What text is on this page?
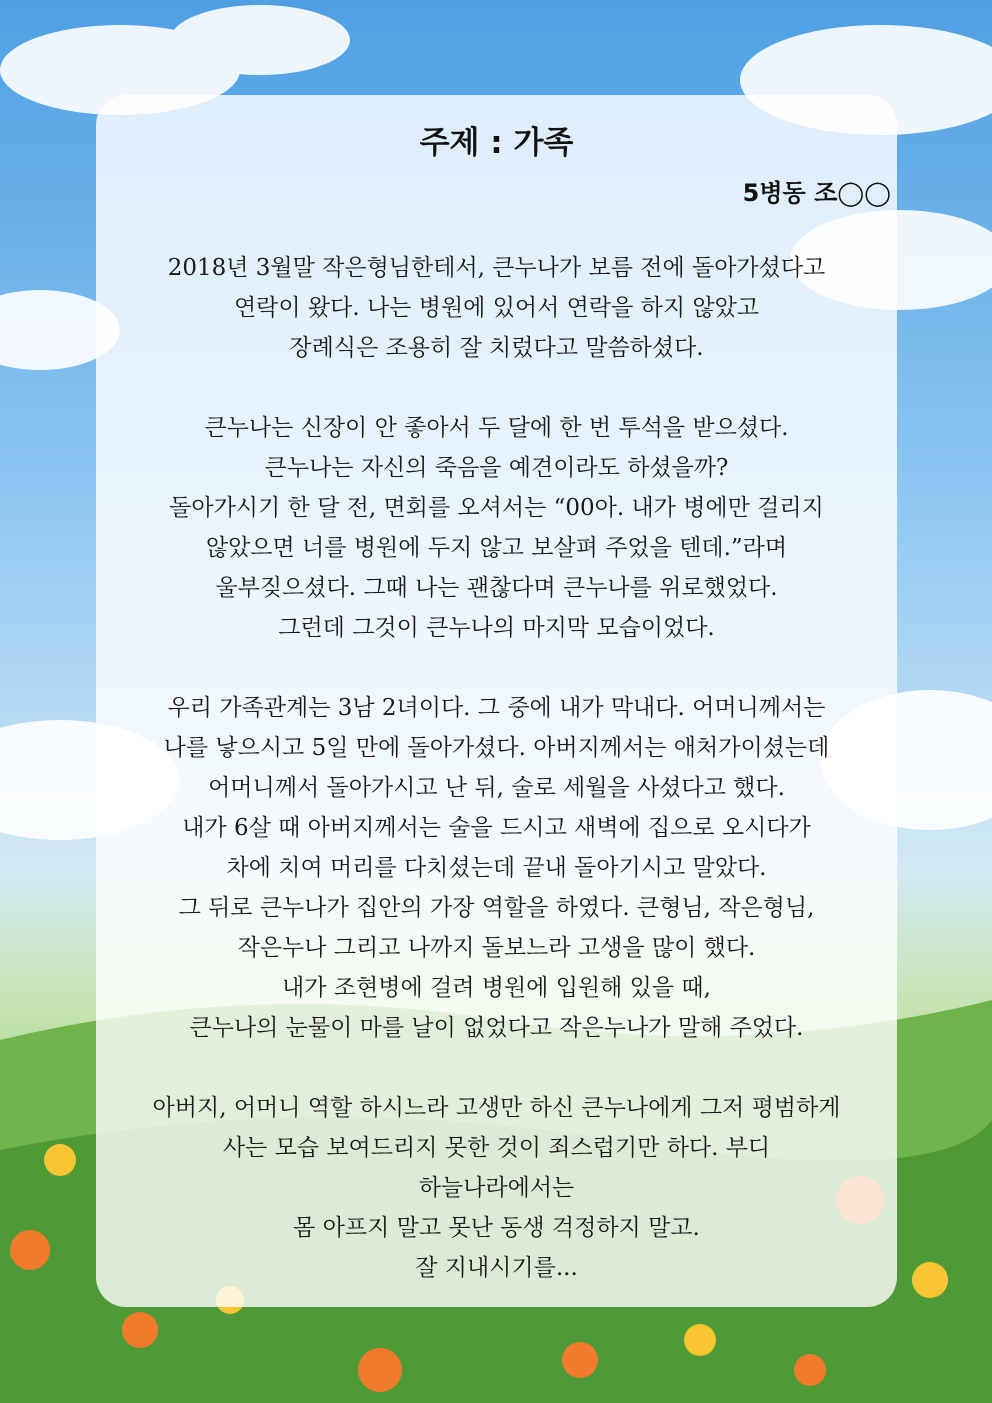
주제 : 가족
5병동 조◯◯

2018년 3월말 작은형님한테서, 큰누나가 보름 전에 돌아가셨다고
연락이 왔다. 나는 병원에 있어서 연락을 하지 않았고
장례식은 조용히 잘 치렀다고 말씀하셨다.

큰누나는 신장이 안 좋아서 두 달에 한 번 투석을 받으셨다.
큰누나는 자신의 죽음을 예견이라도 하셨을까?
돌아가시기 한 달 전, 면회를 오셔서는 “00아. 내가 병에만 걸리지
않았으면 너를 병원에 두지 않고 보살펴 주었을 텐데.”라며
울부짖으셨다. 그때 나는 괜찮다며 큰누나를 위로했었다.
그런데 그것이 큰누나의 마지막 모습이었다.

우리 가족관계는 3남 2녀이다. 그 중에 내가 막내다. 어머니께서는
나를 낳으시고 5일 만에 돌아가셨다. 아버지께서는 애처가이셨는데
어머니께서 돌아가시고 난 뒤, 술로 세월을 사셨다고 했다.
내가 6살 때 아버지께서는 술을 드시고 새벽에 집으로 오시다가
차에 치여 머리를 다치셨는데 끝내 돌아기시고 말았다.
그 뒤로 큰누나가 집안의 가장 역할을 하였다. 큰형님, 작은형님,
작은누나 그리고 나까지 돌보느라 고생을 많이 했다.
내가 조현병에 걸려 병원에 입원해 있을 때,
큰누나의 눈물이 마를 날이 없었다고 작은누나가 말해 주었다.

아버지, 어머니 역할 하시느라 고생만 하신 큰누나에게 그저 평범하게
사는 모습 보여드리지 못한 것이 죄스럽기만 하다. 부디
하늘나라에서는
몸 아프지 말고 못난 동생 걱정하지 말고.
잘 지내시기를...
